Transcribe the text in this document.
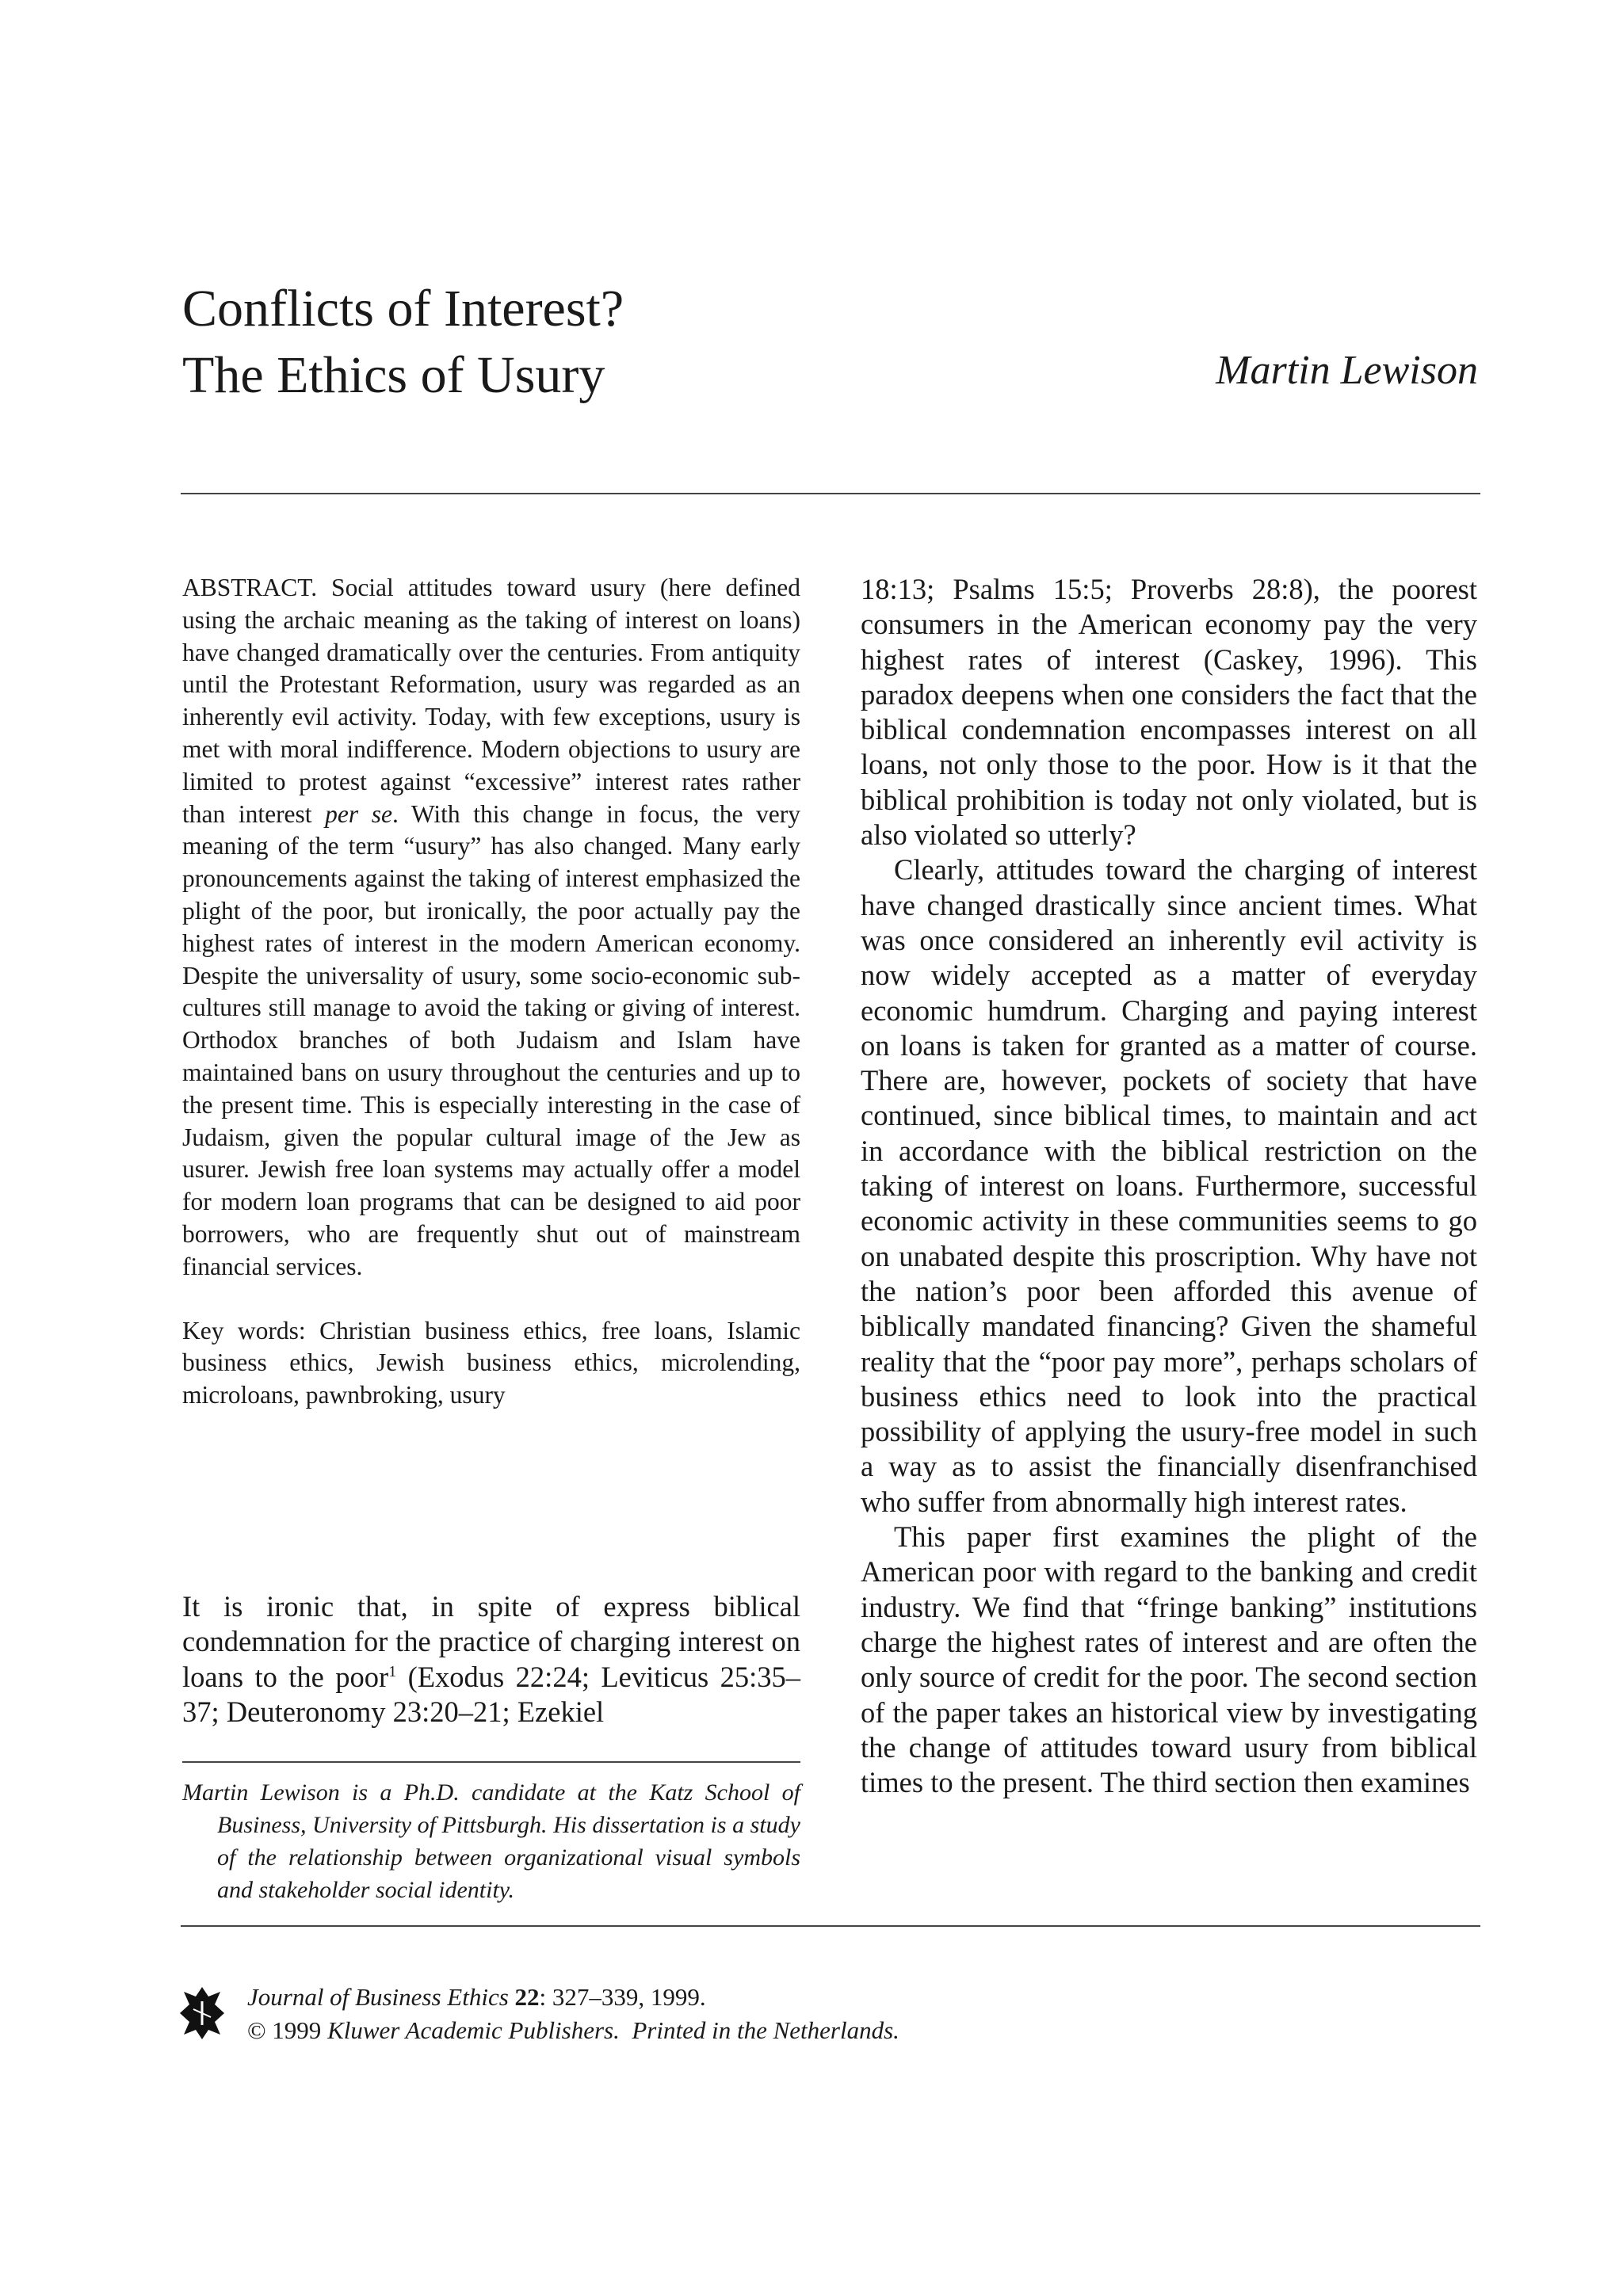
Conflicts of Interest?
The Ethics of Usury	Martin Lewison

ABSTRACT. Social attitudes toward usury (here defined using the archaic meaning as the taking of interest on loans) have changed dramatically over the centuries. From antiquity until the Protestant Reformation, usury was regarded as an inherently evil activity. Today, with few exceptions, usury is met with moral indifference. Modern objections to usury are limited to protest against “excessive” interest rates rather than interest per se. With this change in focus, the very meaning of the term “usury” has also changed. Many early pronouncements against the taking of interest emphasized the plight of the poor, but ironically, the poor actually pay the highest rates of interest in the modern American economy. Despite the universality of usury, some socio-economic sub-cultures still manage to avoid the taking or giving of interest. Orthodox branches of both Judaism and Islam have maintained bans on usury throughout the centuries and up to the present time. This is especially interesting in the case of Judaism, given the popular cultural image of the Jew as usurer. Jewish free loan systems may actually offer a model for modern loan programs that can be designed to aid poor borrowers, who are frequently shut out of mainstream financial services.

Key words: Christian business ethics, free loans, Islamic business ethics, Jewish business ethics, microlending, microloans, pawnbroking, usury

It is ironic that, in spite of express biblical condemnation for the practice of charging interest on loans to the poor$^1$ (Exodus 22:24; Leviticus 25:35–37; Deuteronomy 23:20–21; Ezekiel

Martin Lewison is a Ph.D. candidate at the Katz School of Business, University of Pittsburgh. His dissertation is a study of the relationship between organizational visual symbols and stakeholder social identity.

18:13; Psalms 15:5; Proverbs 28:8), the poorest consumers in the American economy pay the very highest rates of interest (Caskey, 1996). This paradox deepens when one considers the fact that the biblical condemnation encompasses interest on all loans, not only those to the poor. How is it that the biblical prohibition is today not only violated, but is also violated so utterly?

Clearly, attitudes toward the charging of interest have changed drastically since ancient times. What was once considered an inherently evil activity is now widely accepted as a matter of everyday economic humdrum. Charging and paying interest on loans is taken for granted as a matter of course. There are, however, pockets of society that have continued, since biblical times, to maintain and act in accordance with the biblical restriction on the taking of interest on loans. Furthermore, successful economic activity in these communities seems to go on unabated despite this proscription. Why have not the nation’s poor been afforded this avenue of biblically mandated financing? Given the shameful reality that the “poor pay more”, perhaps scholars of business ethics need to look into the practical possibility of applying the usury-free model in such a way as to assist the financially disenfranchised who suffer from abnormally high interest rates.

This paper first examines the plight of the American poor with regard to the banking and credit industry. We find that “fringe banking” institutions charge the highest rates of interest and are often the only source of credit for the poor. The second section of the paper takes an historical view by investigating the change of attitudes toward usury from biblical times to the present. The third section then examines

Journal of Business Ethics 22: 327–339, 1999.
© 1999 Kluwer Academic Publishers. Printed in the Netherlands.
